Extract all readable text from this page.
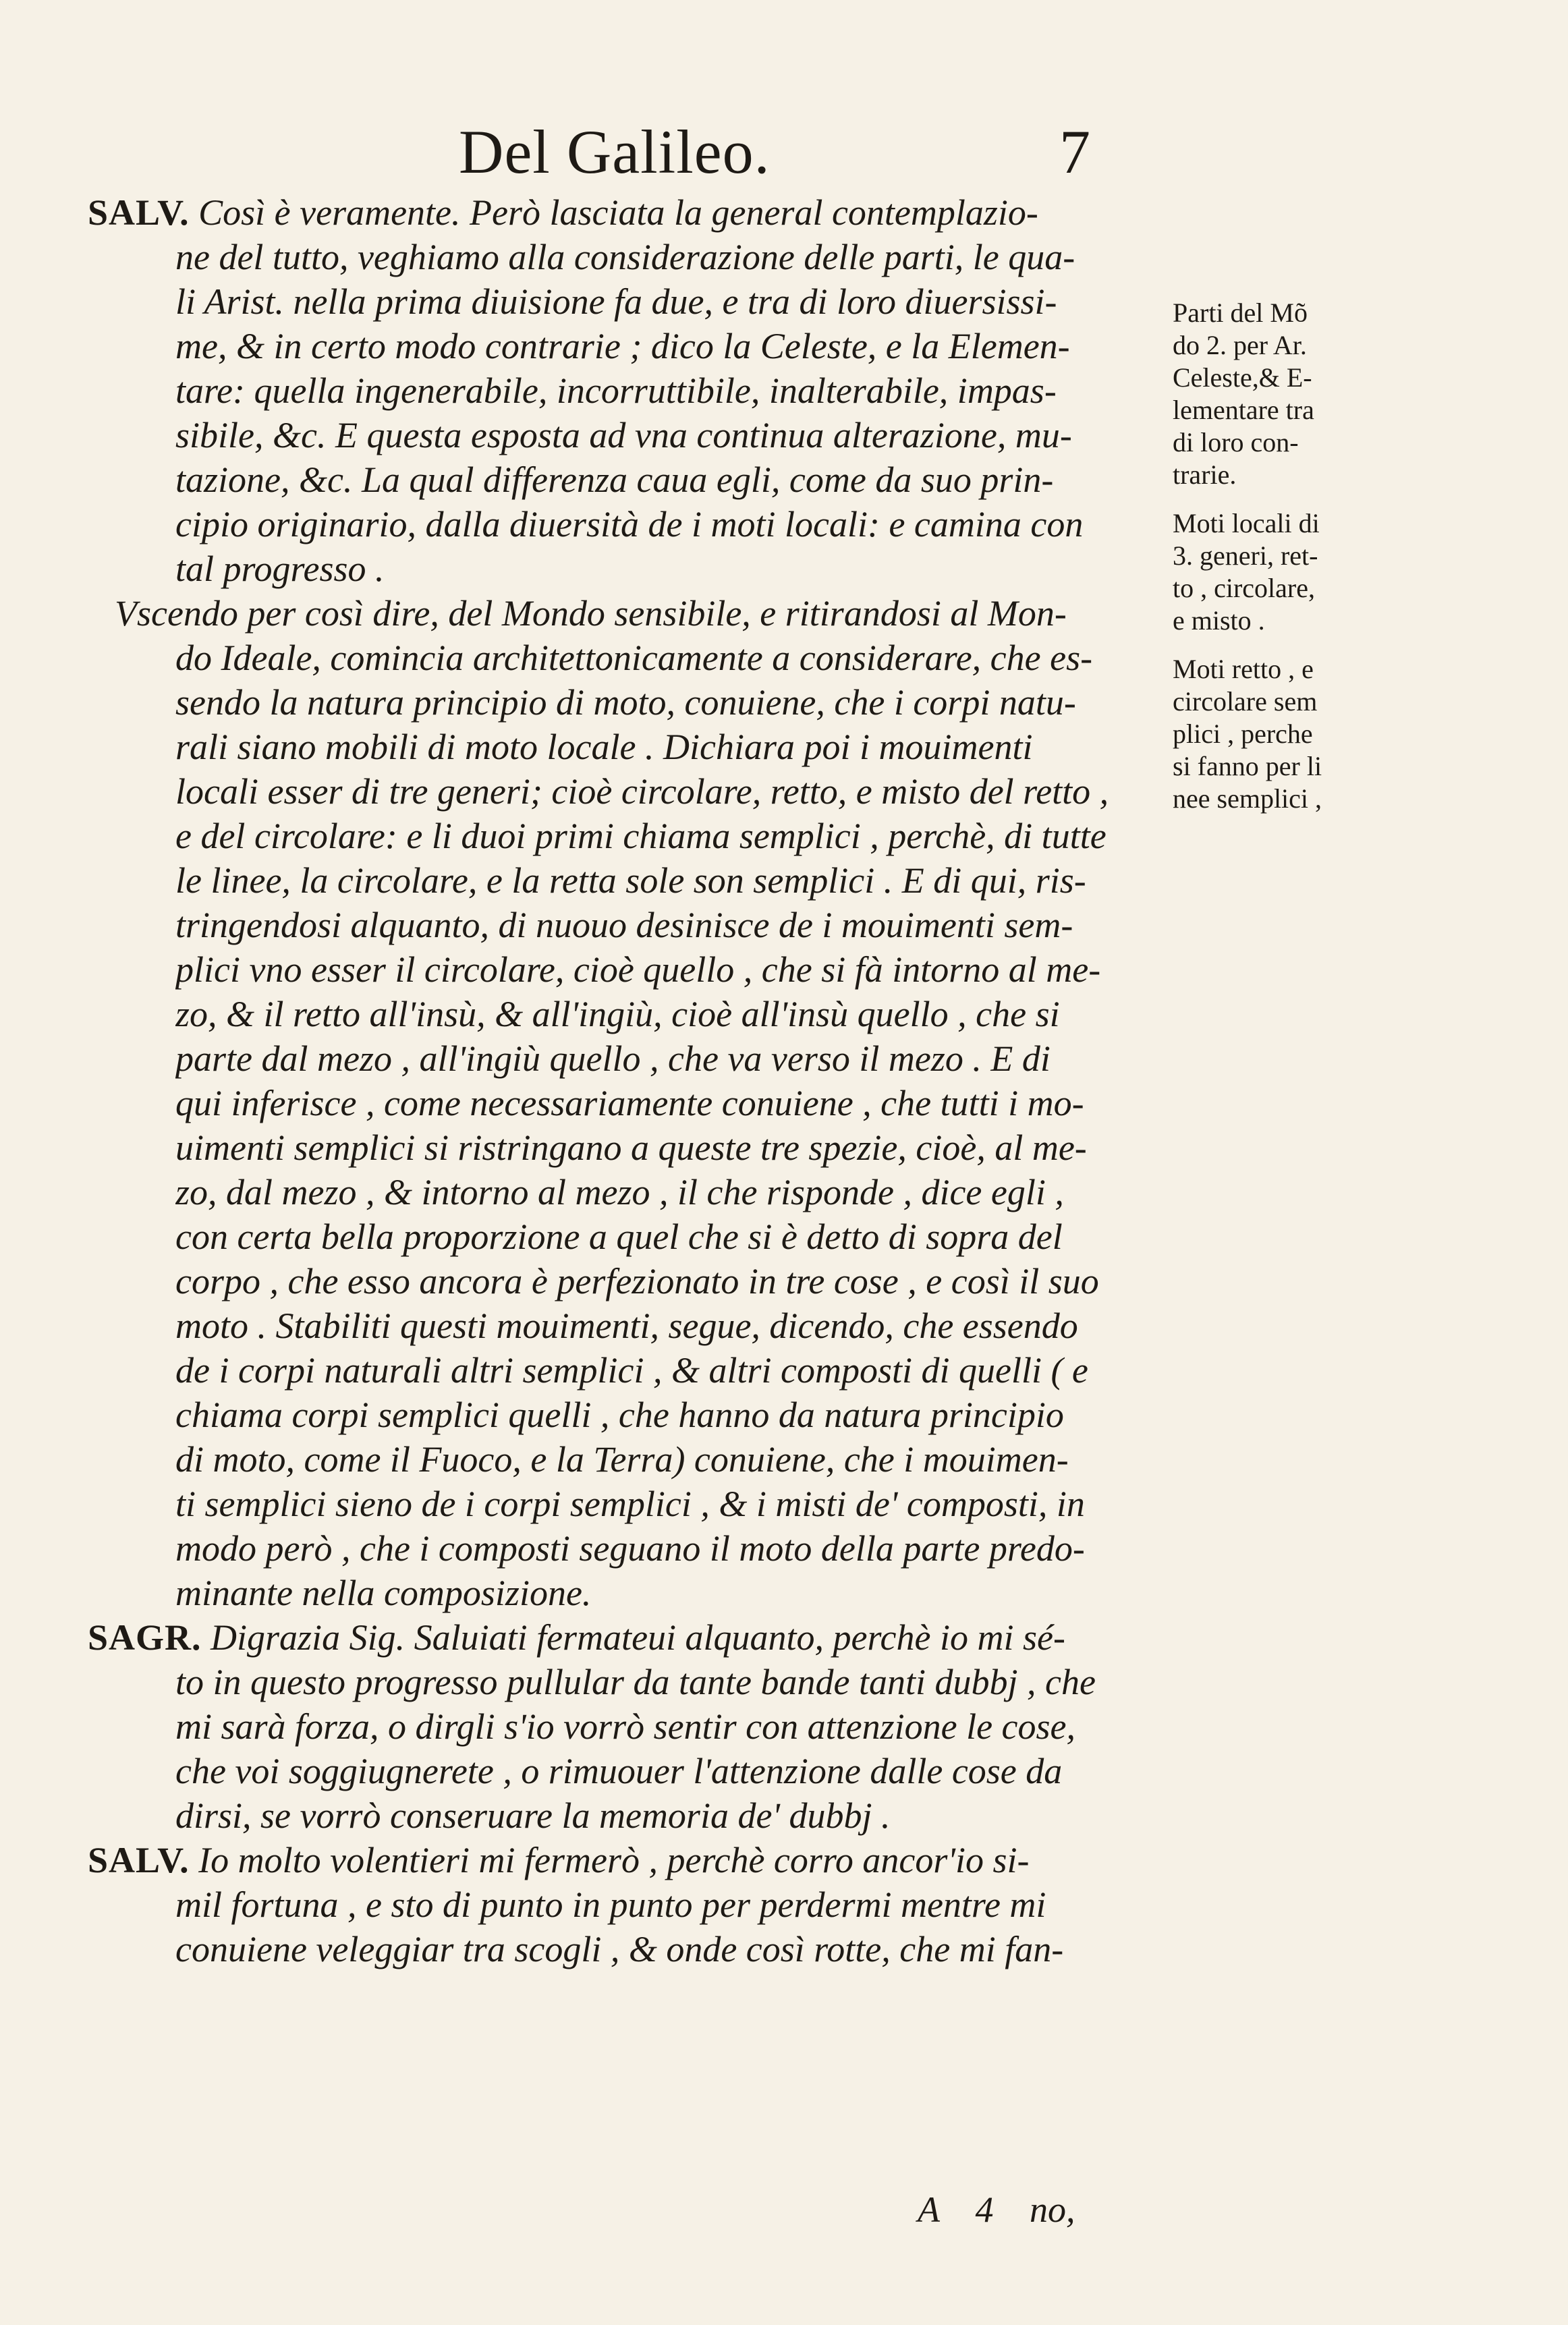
Del Galileo.	7
SALV. Così è veramente. Però lasciata la general contemplazio-
ne del tutto, veghiamo alla considerazione delle parti, le qua-
li Arist. nella prima diuisione fa due, e tra di loro diuersissi-
me, & in certo modo contrarie ; dico la Celeste, e la Elemen-
tare: quella ingenerabile, incorruttibile, inalterabile, impas-
sibile, &c. E questa esposta ad vna continua alterazione, mu-
tazione, &c. La qual differenza caua egli, come da suo prin-
cipio originario, dalla diuersità de i moti locali: e camina con
tal progresso .
Vscendo per così dire, del Mondo sensibile, e ritirandosi al Mon-
do Ideale, comincia architettonicamente a considerare, che es-
sendo la natura principio di moto, conuiene, che i corpi natu-
rali siano mobili di moto locale . Dichiara poi i mouimenti
locali esser di tre generi; cioè circolare, retto, e misto del retto ,
e del circolare: e li duoi primi chiama semplici , perchè, di tutte
le linee, la circolare, e la retta sole son semplici . E di qui, ris-
tringendosi alquanto, di nuouo desinisce de i mouimenti sem-
plici vno esser il circolare, cioè quello , che si fà intorno al me-
zo, & il retto all'insù, & all'ingiù, cioè all'insù quello , che si
parte dal mezo , all'ingiù quello , che va verso il mezo . E di
qui inferisce , come necessariamente conuiene , che tutti i mo-
uimenti semplici si ristringano a queste tre spezie, cioè, al me-
zo, dal mezo , & intorno al mezo , il che risponde , dice egli ,
con certa bella proporzione a quel che si è detto di sopra del
corpo , che esso ancora è perfezionato in tre cose , e così il suo
moto . Stabiliti questi mouimenti, segue, dicendo, che essendo
de i corpi naturali altri semplici , & altri composti di quelli ( e
chiama corpi semplici quelli , che hanno da natura principio
di moto, come il Fuoco, e la Terra) conuiene, che i mouimen-
ti semplici sieno de i corpi semplici , & i misti de' composti, in
modo però , che i composti seguano il moto della parte predo-
minante nella composizione.
SAGR. Digrazia Sig. Saluiati fermateui alquanto, perchè io mi sé-
to in questo progresso pullular da tante bande tanti dubbj , che
mi sarà forza, o dirgli s'io vorrò sentir con attenzione le cose,
che voi soggiugnerete , o rimuouer l'attenzione dalle cose da
dirsi, se vorrò conseruare la memoria de' dubbj .
SALV. Io molto volentieri mi fermerò , perchè corro ancor'io si-
mil fortuna , e sto di punto in punto per perdermi mentre mi
conuiene veleggiar tra scogli , & onde così rotte, che mi fan-
Parti del Mõ
do 2. per Ar.
Celeste,& E-
lementare tra
di loro con-
trarie.
Moti locali di
3. generi, ret-
to , circolare,
e misto .
Moti retto , e
circolare sem
plici , perche
si fanno per li
nee semplici ,
A 4 no,
